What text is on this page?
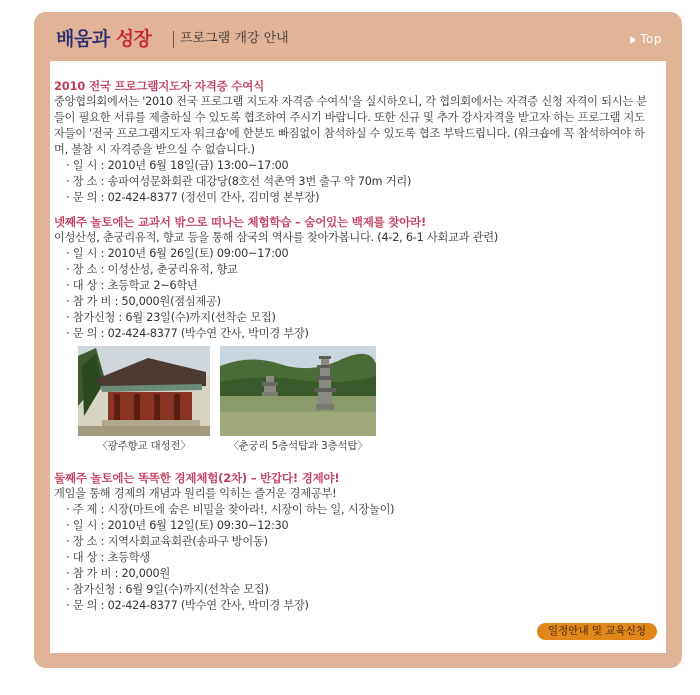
배움과 성장 프로그램 개강 안내	Top

2010 전국 프로그램지도자 자격증 수여식

중앙협의회에서는 '2010 전국 프로그램 지도자 자격증 수여식'을 실시하오니, 각 협의회에서는 자격증 신청 자격이 되시는 분들이 필요한 서류를 제출하실 수 있도록 협조하여 주시기 바랍니다. 또한 신규 및 추가 강사자격을 받고자 하는 프로그램 지도자들이 '전국 프로그램지도자 워크숍'에 한분도 빠짐없이 참석하실 수 있도록 협조 부탁드립니다. (워크숍에 꼭 참석하여야 하며, 불참 시 자격증을 받으실 수 없습니다.)

· 일 시 : 2010년 6월 18일(금) 13:00~17:00
· 장 소 : 송파여성문화회관 대강당(8호선 석촌역 3번 출구 약 70m 거리)
· 문 의 : 02-424-8377 (정선미 간사, 김미영 본부장)

넷째주 놀토에는 교과서 밖으로 떠나는 체험학습 – 숨어있는 백제를 찾아라!

이성산성, 춘궁리유적, 향교 등을 통해 삼국의 역사를 찾아가봅니다. (4-2, 6-1 사회교과 관련)

· 일 시 : 2010년 6월 26일(토) 09:00~17:00
· 장 소 : 이성산성, 춘궁리유적, 향교
· 대 상 : 초등학교 2~6학년
· 참 가 비 : 50,000원(점심제공)
· 참가신청 : 6월 23일(수)까지(선착순 모집)
· 문 의 : 02-424-8377 (박수연 간사, 박미경 부장)
〈광주향교 대성전〉	〈춘궁리 5층석탑과 3층석탑〉

둘째주 놀토에는 똑똑한 경제체험(2차) – 반갑다! 경제야!

게임을 통해 경제의 개념과 원리를 익히는 즐거운 경제공부!

· 주 제 : 시장(마트에 숨은 비밀을 찾아라!, 시장이 하는 일, 시장놀이)
· 일 시 : 2010년 6월 12일(토) 09:30~12:30
· 장 소 : 지역사회교육회관(송파구 방이동)
· 대 상 : 초등학생
· 참 가 비 : 20,000원
· 참가신청 : 6월 9일(수)까지(선착순 모집)
· 문 의 : 02-424-8377 (박수연 간사, 박미경 부장)
일정안내 및 교육신청
